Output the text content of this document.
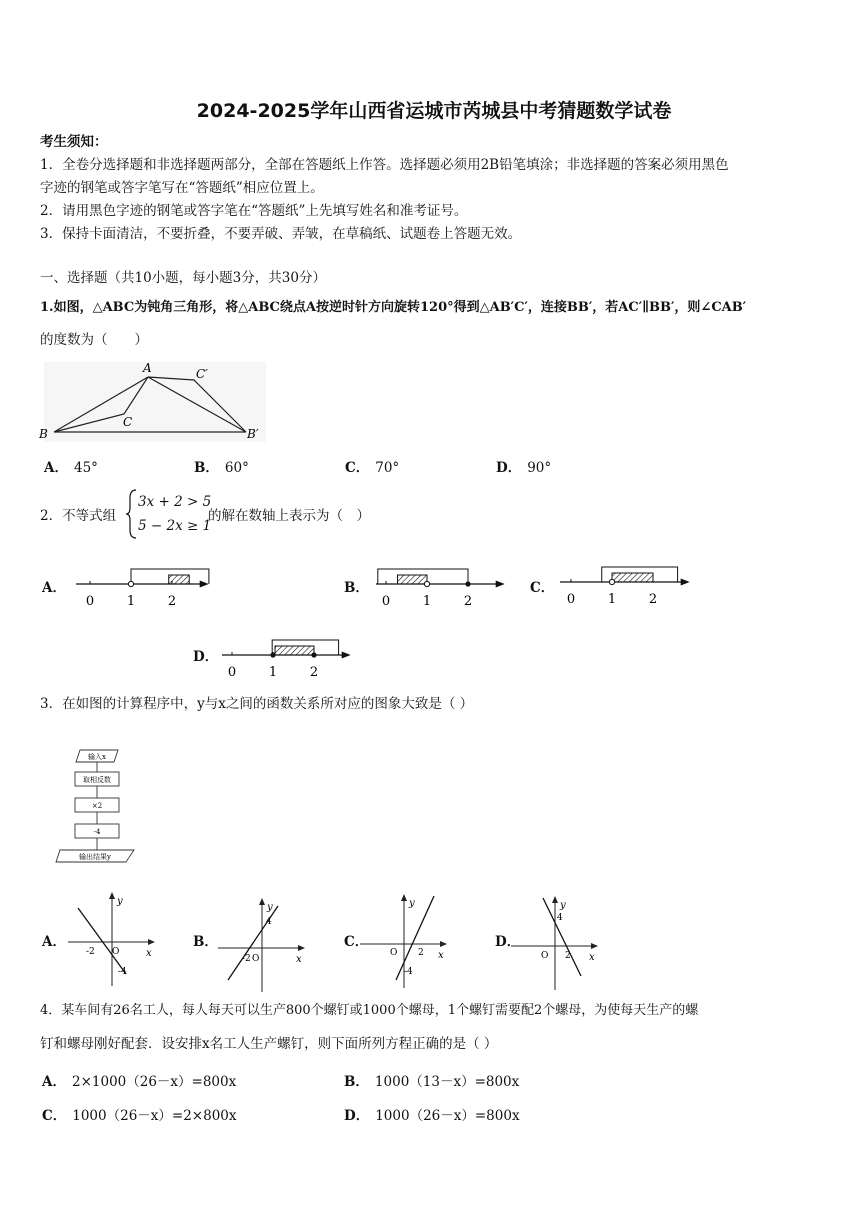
2024-2025学年山西省运城市芮城县中考猜题数学试卷
考生须知：
1．全卷分选择题和非选择题两部分，全部在答题纸上作答。选择题必须用2B铅笔填涂；非选择题的答案必须用黑色
字迹的钢笔或答字笔写在“答题纸”相应位置上。
2．请用黑色字迹的钢笔或答字笔在“答题纸”上先填写姓名和准考证号。
3．保持卡面清洁，不要折叠，不要弄破、弄皱，在草稿纸、试题卷上答题无效。
一、选择题（共10小题，每小题3分，共30分）
1.如图，△ABC为钝角三角形，将△ABC绕点A按逆时针方向旋转120°得到△AB′C′，连接BB′，若AC′∥BB′，则∠CAB′
的度数为（　　）
A
B
C
C′
B′
A． 45°	B． 60°	C． 70°	D． 90°
2．不等式组
3x + 2 > 5
5 − 2x ≥ 1
的解在数轴上表示为（　）
0	1	2	0	1	2	0	1	2
0	1	2
A．	B．	C．
D．
3．在如图的计算程序中，y与x之间的函数关系所对应的图象大致是（ ）
输入x
取相反数
×2
-4
输出结果y
x
y
-2 O
-4
x
y
4
-2 O	x
y
O 2
-4
x
y
4
O 2
A．	B．	C．	D．
4．某车间有26名工人，每人每天可以生产800个螺钉或1000个螺母，1个螺钉需要配2个螺母，为使每天生产的螺
钉和螺母刚好配套．设安排x名工人生产螺钉，则下面所列方程正确的是（ ）
A． 2×1000（26－x）=800x	B． 1000（13－x）=800x
C． 1000（26－x）=2×800x	D． 1000（26－x）=800x
